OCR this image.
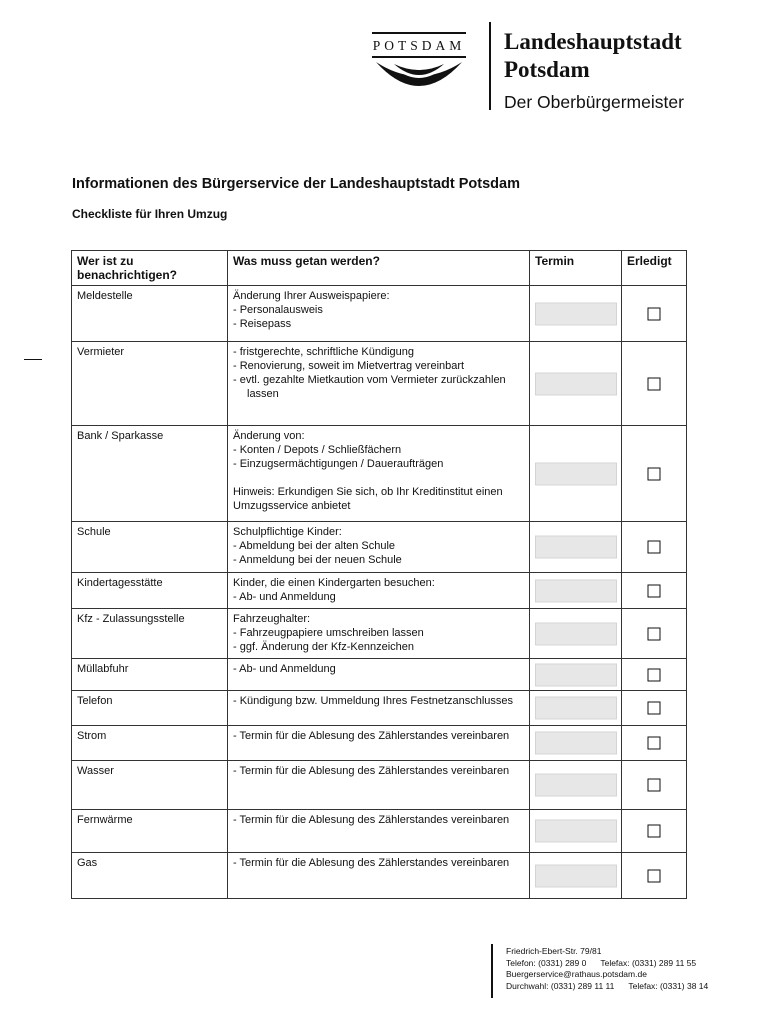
POTSDAM Landeshauptstadt
Potsdam
Der Oberbürgermeister
Informationen des Bürgerservice der Landeshauptstadt Potsdam
Checkliste für Ihren Umzug
Wer ist zu benachrichtigen?	Was muss getan werden?	Termin	Erledigt
Meldestelle	Änderung Ihrer Ausweispapiere:
- Personalausweis
- Reisepass		

Vermieter	- fristgerechte, schriftliche Kündigung
- Renovierung, soweit im Mietvertrag vereinbart
- evtl. gezahlte Mietkaution vom Vermieter zurückzahlen lassen		

Bank / Sparkasse	Änderung von:
- Konten / Depots / Schließfächern
- Einzugsermächtigungen / Daueraufträgen
Hinweis: Erkundigen Sie sich, ob Ihr Kreditinstitut einen Umzugsservice anbietet		

Schule	Schulpflichtige Kinder:
- Abmeldung bei der alten Schule
- Anmeldung bei der neuen Schule		

Kindertagesstätte	Kinder, die einen Kindergarten besuchen:
- Ab- und Anmeldung		

Kfz - Zulassungsstelle	Fahrzeughalter:
- Fahrzeugpapiere umschreiben lassen
- ggf. Änderung der Kfz-Kennzeichen		

Müllabfuhr	- Ab- und Anmeldung		

Telefon	- Kündigung bzw. Ummeldung Ihres Festnetzanschlusses		

Strom	- Termin für die Ablesung des Zählerstandes vereinbaren		

Wasser	- Termin für die Ablesung des Zählerstandes vereinbaren		

Fernwärme	- Termin für die Ablesung des Zählerstandes vereinbaren		

Gas	- Termin für die Ablesung des Zählerstandes vereinbaren		

Friedrich-Ebert-Str. 79/81
Telefon: (0331) 289 0 Telefax: (0331) 289 11 55
Buergerservice@rathaus.potsdam.de
Durchwahl: (0331) 289 11 11 Telefax: (0331) 38 14
